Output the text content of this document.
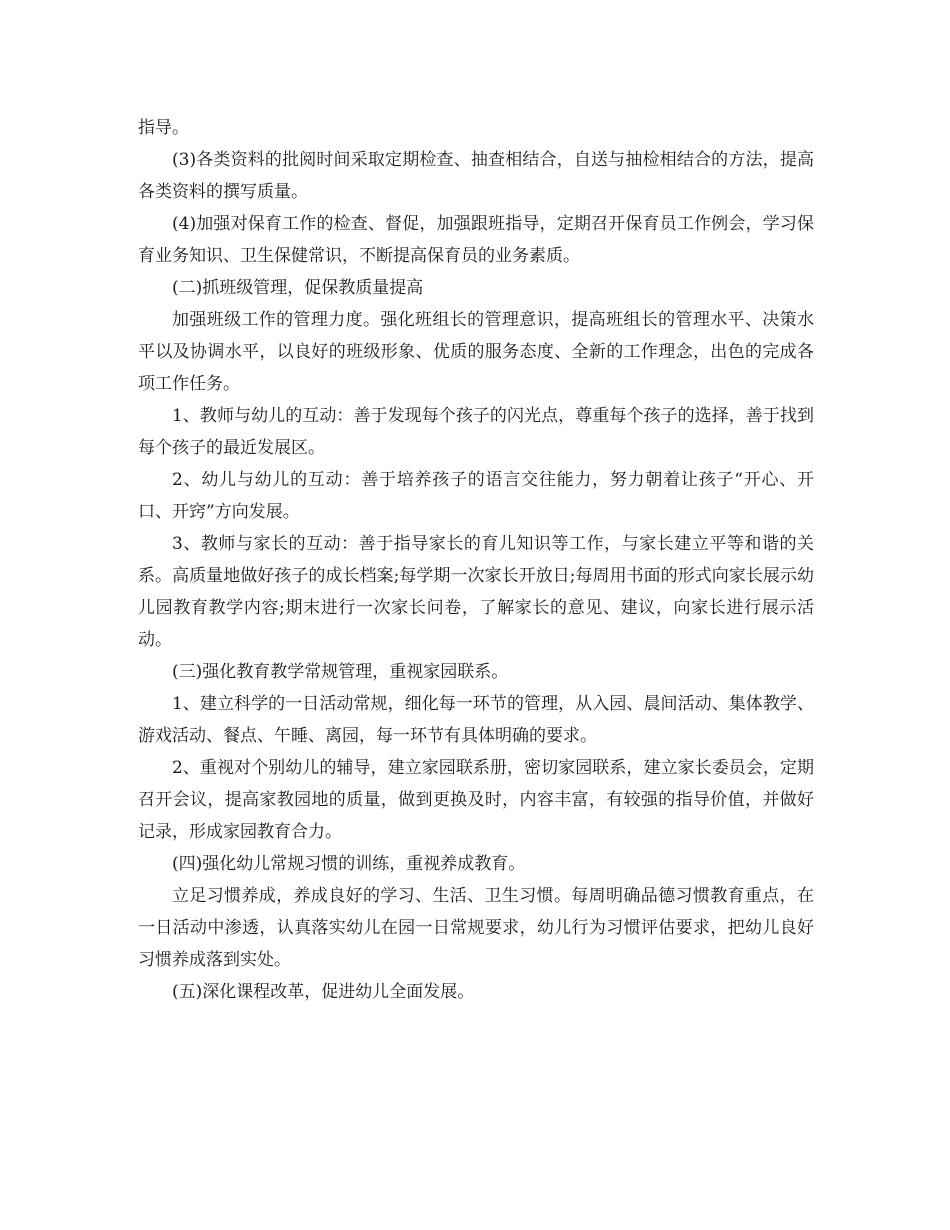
指导。

(3)各类资料的批阅时间采取定期检查、抽查相结合，自送与抽检相结合的方法，提高各类资料的撰写质量。

(4)加强对保育工作的检查、督促，加强跟班指导，定期召开保育员工作例会，学习保育业务知识、卫生保健常识，不断提高保育员的业务素质。

(二)抓班级管理，促保教质量提高

加强班级工作的管理力度。强化班组长的管理意识，提高班组长的管理水平、决策水平以及协调水平，以良好的班级形象、优质的服务态度、全新的工作理念，出色的完成各项工作任务。

1、教师与幼儿的互动：善于发现每个孩子的闪光点，尊重每个孩子的选择，善于找到每个孩子的最近发展区。

2、幼儿与幼儿的互动：善于培养孩子的语言交往能力，努力朝着让孩子“开心、开口、开窍”方向发展。

3、教师与家长的互动：善于指导家长的育儿知识等工作，与家长建立平等和谐的关系。高质量地做好孩子的成长档案;每学期一次家长开放日;每周用书面的形式向家长展示幼儿园教育教学内容;期末进行一次家长问卷，了解家长的意见、建议，向家长进行展示活动。

(三)强化教育教学常规管理，重视家园联系。

1、建立科学的一日活动常规，细化每一环节的管理，从入园、晨间活动、集体教学、游戏活动、餐点、午睡、离园，每一环节有具体明确的要求。

2、重视对个别幼儿的辅导，建立家园联系册，密切家园联系，建立家长委员会，定期召开会议，提高家教园地的质量，做到更换及时，内容丰富，有较强的指导价值，并做好记录，形成家园教育合力。

(四)强化幼儿常规习惯的训练，重视养成教育。

立足习惯养成，养成良好的学习、生活、卫生习惯。每周明确品德习惯教育重点，在一日活动中渗透，认真落实幼儿在园一日常规要求，幼儿行为习惯评估要求，把幼儿良好习惯养成落到实处。

(五)深化课程改革，促进幼儿全面发展。
